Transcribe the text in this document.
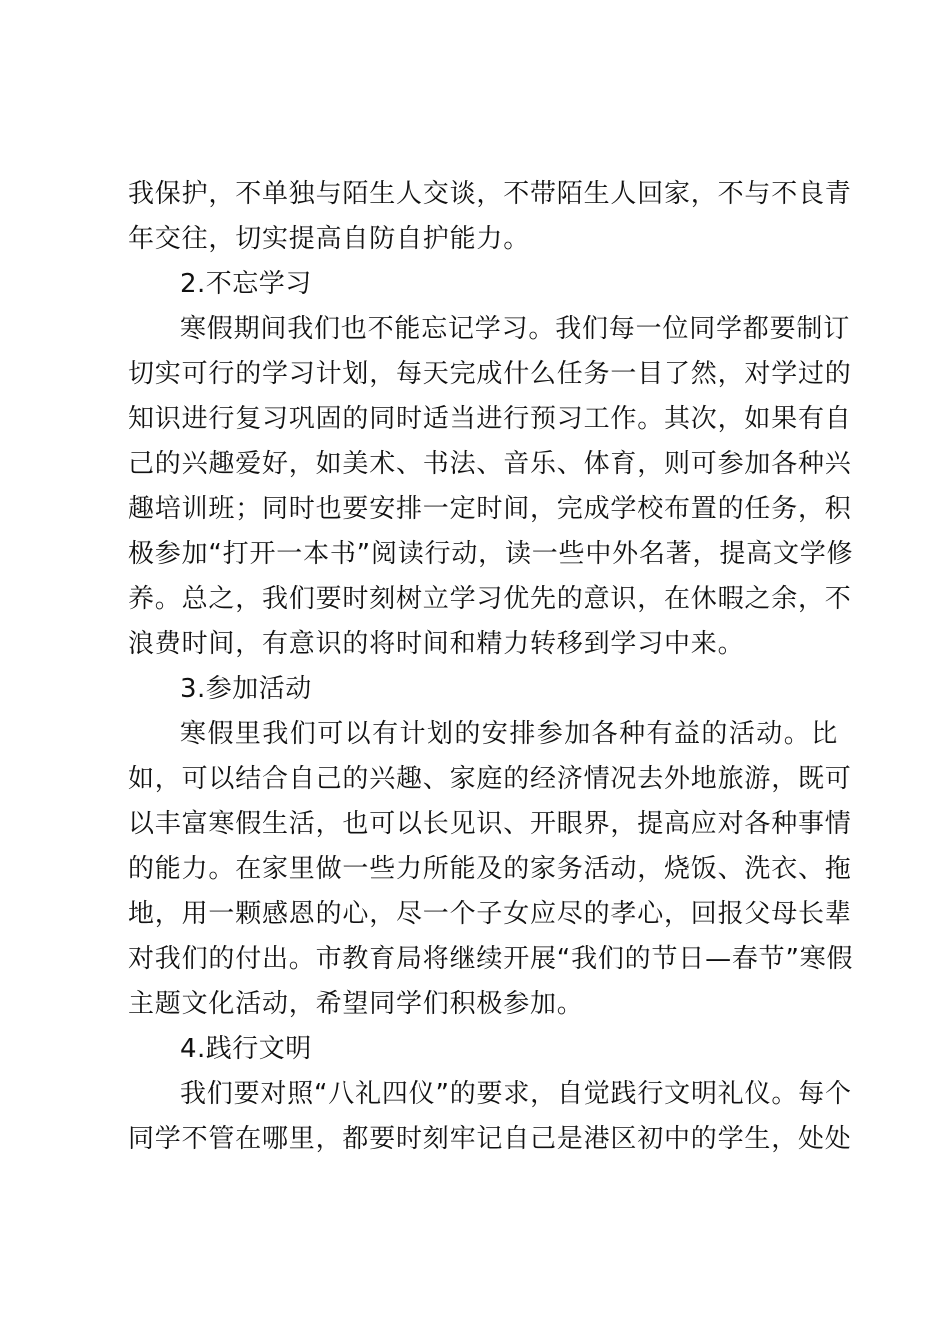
我保护，不单独与陌生人交谈，不带陌生人回家，不与不良青
年交往，切实提高自防自护能力。
2.不忘学习
寒假期间我们也不能忘记学习。我们每一位同学都要制订
切实可行的学习计划，每天完成什么任务一目了然，对学过的
知识进行复习巩固的同时适当进行预习工作。其次，如果有自
己的兴趣爱好，如美术、书法、音乐、体育，则可参加各种兴
趣培训班；同时也要安排一定时间，完成学校布置的任务，积
极参加“打开一本书”阅读行动，读一些中外名著，提高文学修
养。总之，我们要时刻树立学习优先的意识，在休暇之余，不
浪费时间，有意识的将时间和精力转移到学习中来。
3.参加活动
寒假里我们可以有计划的安排参加各种有益的活动。比
如，可以结合自己的兴趣、家庭的经济情况去外地旅游，既可
以丰富寒假生活，也可以长见识、开眼界，提高应对各种事情
的能力。在家里做一些力所能及的家务活动，烧饭、洗衣、拖
地，用一颗感恩的心，尽一个子女应尽的孝心，回报父母长辈
对我们的付出。市教育局将继续开展“我们的节日—春节”寒假
主题文化活动，希望同学们积极参加。
4.践行文明
我们要对照“八礼四仪”的要求，自觉践行文明礼仪。每个
同学不管在哪里，都要时刻牢记自己是港区初中的学生，处处
